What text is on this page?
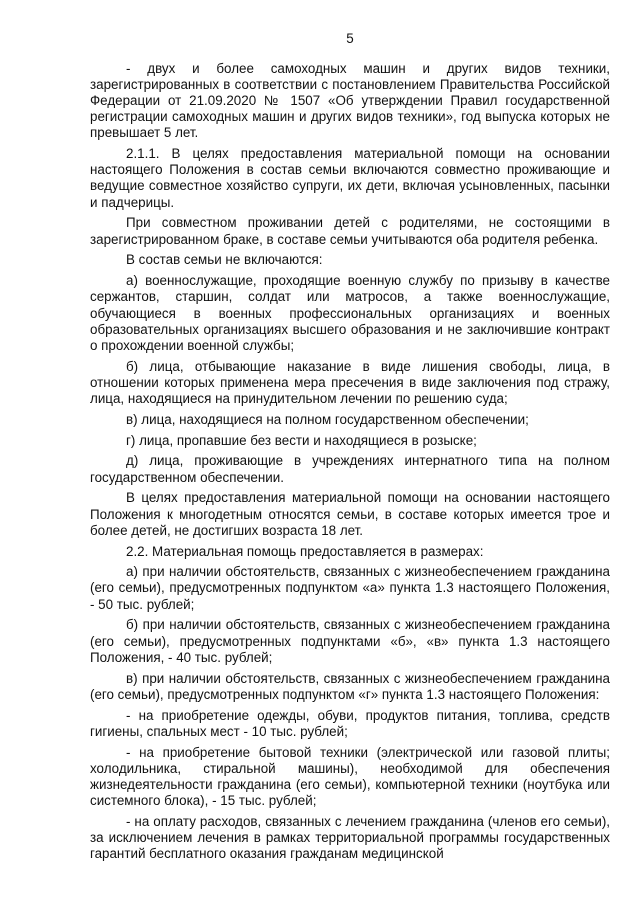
5

- двух и более самоходных машин и других видов техники, зарегистрированных в соответствии с постановлением Правительства Российской Федерации от 21.09.2020 № 1507 «Об утверждении Правил государственной регистрации самоходных машин и других видов техники», год выпуска которых не превышает 5 лет.

2.1.1. В целях предоставления материальной помощи на основании настоящего Положения в состав семьи включаются совместно проживающие и ведущие совместное хозяйство супруги, их дети, включая усыновленных, пасынки и падчерицы.

При совместном проживании детей с родителями, не состоящими в зарегистрированном браке, в составе семьи учитываются оба родителя ребенка.

В состав семьи не включаются:

а) военнослужащие, проходящие военную службу по призыву в качестве сержантов, старшин, солдат или матросов, а также военнослужащие, обучающиеся в военных профессиональных организациях и военных образовательных организациях высшего образования и не заключившие контракт о прохождении военной службы;

б) лица, отбывающие наказание в виде лишения свободы, лица, в отношении которых применена мера пресечения в виде заключения под стражу, лица, находящиеся на принудительном лечении по решению суда;

в) лица, находящиеся на полном государственном обеспечении;

г) лица, пропавшие без вести и находящиеся в розыске;

д) лица, проживающие в учреждениях интернатного типа на полном государственном обеспечении.

В целях предоставления материальной помощи на основании настоящего Положения к многодетным относятся семьи, в составе которых имеется трое и более детей, не достигших возраста 18 лет.

2.2. Материальная помощь предоставляется в размерах:

а) при наличии обстоятельств, связанных с жизнеобеспечением гражданина (его семьи), предусмотренных подпунктом «а» пункта 1.3 настоящего Положения, - 50 тыс. рублей;

б) при наличии обстоятельств, связанных с жизнеобеспечением гражданина (его семьи), предусмотренных подпунктами «б», «в» пункта 1.3 настоящего Положения, - 40 тыс. рублей;

в) при наличии обстоятельств, связанных с жизнеобеспечением гражданина (его семьи), предусмотренных подпунктом «г» пункта 1.3 настоящего Положения:

- на приобретение одежды, обуви, продуктов питания, топлива, средств гигиены, спальных мест - 10 тыс. рублей;

- на приобретение бытовой техники (электрической или газовой плиты; холодильника, стиральной машины), необходимой для обеспечения жизнедеятельности гражданина (его семьи), компьютерной техники (ноутбука или системного блока), - 15 тыс. рублей;

- на оплату расходов, связанных с лечением гражданина (членов его семьи), за исключением лечения в рамках территориальной программы государственных гарантий бесплатного оказания гражданам медицинской
